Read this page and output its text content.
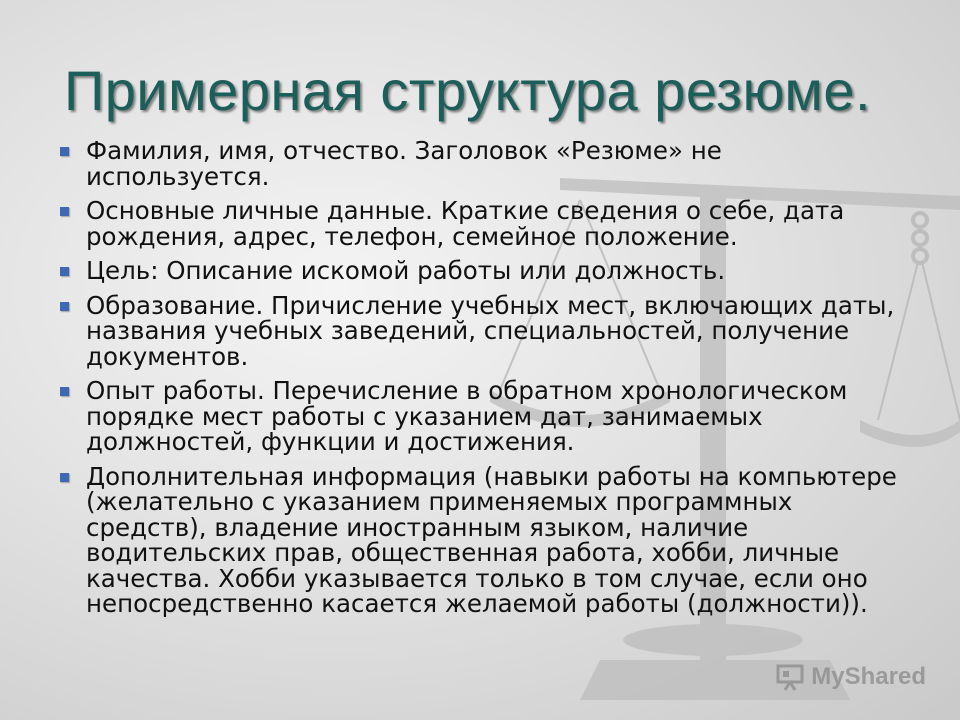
Примерная структура резюме.
Фамилия, имя, отчество. Заголовок «Резюме» не используется.
Основные личные данные. Краткие сведения о себе, дата рождения, адрес, телефон, семейное положение.
Цель: Описание искомой работы или должность.
Образование. Причисление учебных мест, включающих даты, названия учебных заведений, специальностей, получение документов.
Опыт работы. Перечисление в обратном хронологическом порядке мест работы с указанием дат, занимаемых должностей, функции и достижения.
Дополнительная информация (навыки работы на компьютере (желательно с указанием применяемых программных средств), владение иностранным языком, наличие водительских прав, общественная работа, хобби, личные качества. Хобби указывается только в том случае, если оно непосредственно касается желаемой работы (должности)).
MyShared
